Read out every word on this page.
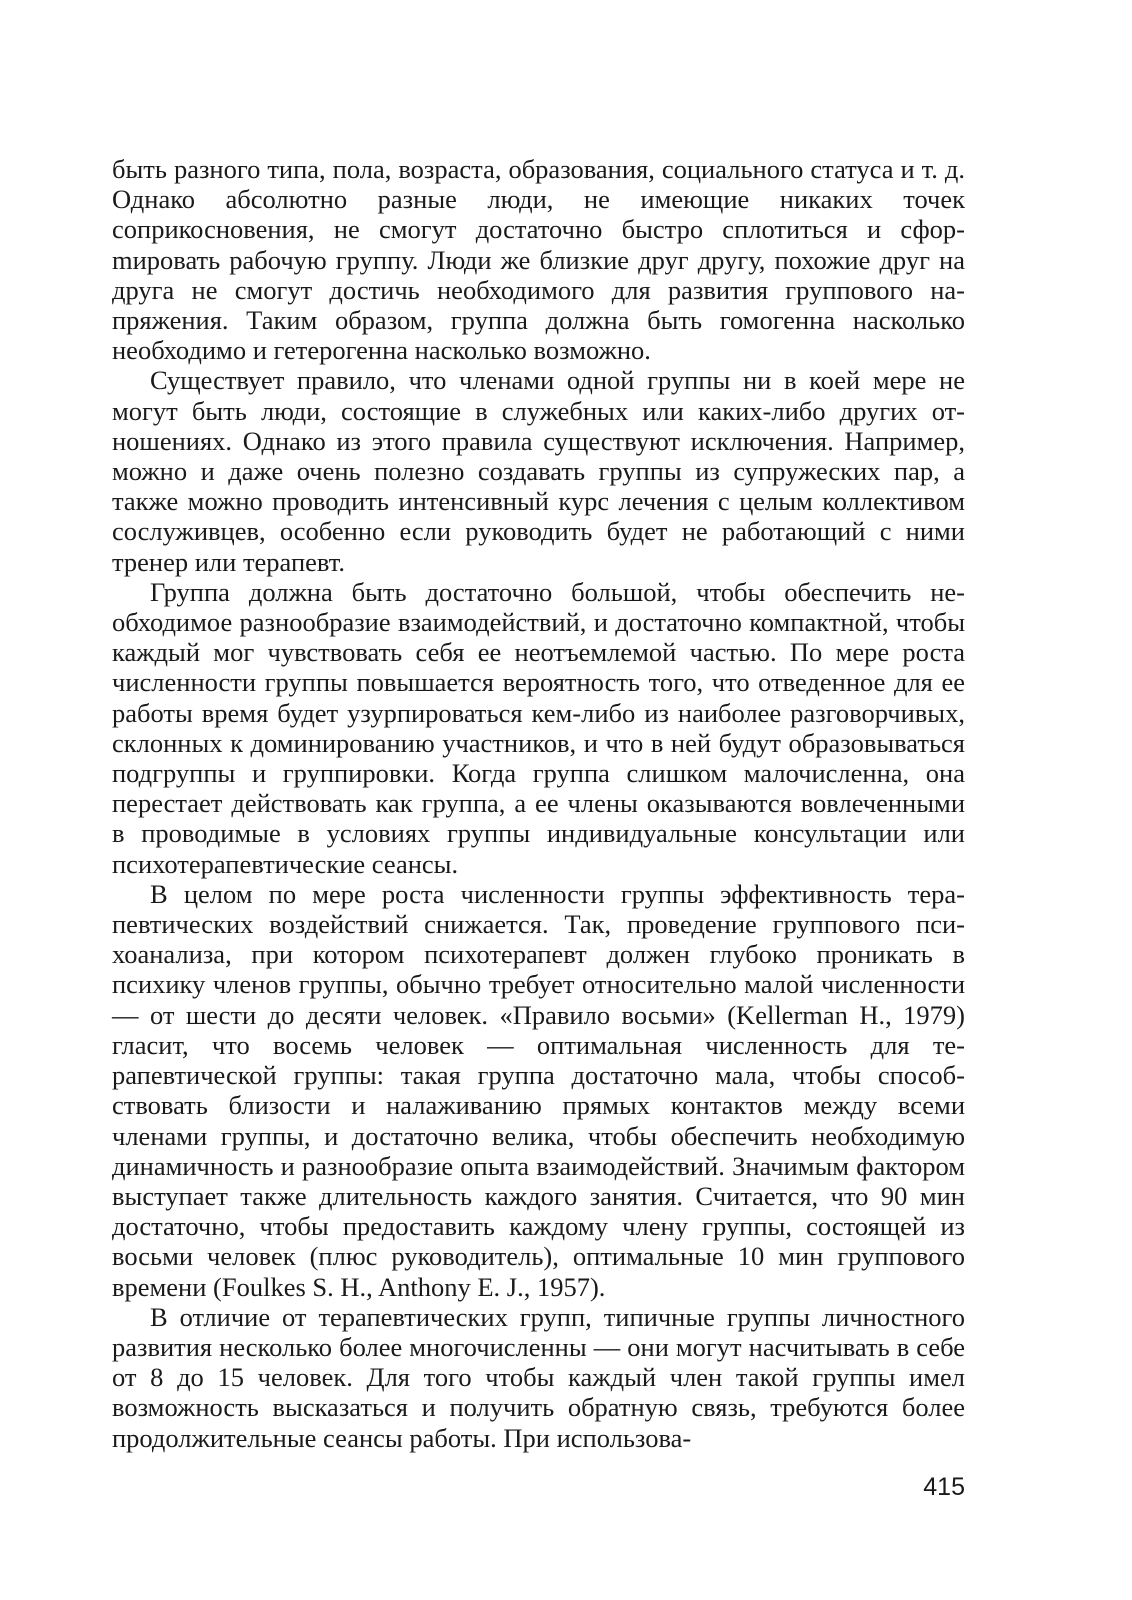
быть разного типа, пола, возраста, образования, социального статуса и т. д. Однако абсолютно разные люди, не имеющие никаких точек соприкосновения, не смогут достаточно быстро сплотиться и сфорmировать рабочую группу. Люди же близкие друг другу, похожие друг на друга не смогут достичь необходимого для развития группового напряжения. Таким образом, группа должна быть гомогенна насколько необходимо и гетерогенна насколько возможно.

Существует правило, что членами одной группы ни в коей мере не могут быть люди, состоящие в служебных или каких-либо других отношениях. Однако из этого правила существуют исключения. Например, можно и даже очень полезно создавать группы из супружеских пар, а также можно проводить интенсивный курс лечения с целым коллективом сослуживцев, особенно если руководить будет не работающий с ними тренер или терапевт.

Группа должна быть достаточно большой, чтобы обеспечить необходимое разнообразие взаимодействий, и достаточно компактной, чтобы каждый мог чувствовать себя ее неотъемлемой частью. По мере роста численности группы повышается вероятность того, что отведенное для ее работы время будет узурпироваться кем-либо из наиболее разговорчивых, склонных к доминированию участников, и что в ней будут образовываться подгруппы и группировки. Когда группа слишком малочисленна, она перестает действовать как группа, а ее члены оказываются вовлеченными в проводимые в условиях группы индивидуальные консультации или психотерапевтические сеансы.

В целом по мере роста численности группы эффективность терапевтических воздействий снижается. Так, проведение группового психоанализа, при котором психотерапевт должен глубоко проникать в психику членов группы, обычно требует относительно малой численности — от шести до десяти человек. «Правило восьми» (Kellerman H., 1979) гласит, что восемь человек — оптимальная численность для терапевтической группы: такая группа достаточно мала, чтобы способствовать близости и налаживанию прямых контактов между всеми членами группы, и достаточно велика, чтобы обеспечить необходимую динамичность и разнообразие опыта взаимодействий. Значимым фактором выступает также длительность каждого занятия. Считается, что 90 мин достаточно, чтобы предоставить каждому члену группы, состоящей из восьми человек (плюс руководитель), оптимальные 10 мин группового времени (Foulkes S. H., Anthony E. J., 1957).

В отличие от терапевтических групп, типичные группы личностного развития несколько более многочисленны — они могут насчитывать в себе от 8 до 15 человек. Для того чтобы каждый член такой группы имел возможность высказаться и получить обратную связь, требуются более продолжительные сеансы работы. При использова-

415
